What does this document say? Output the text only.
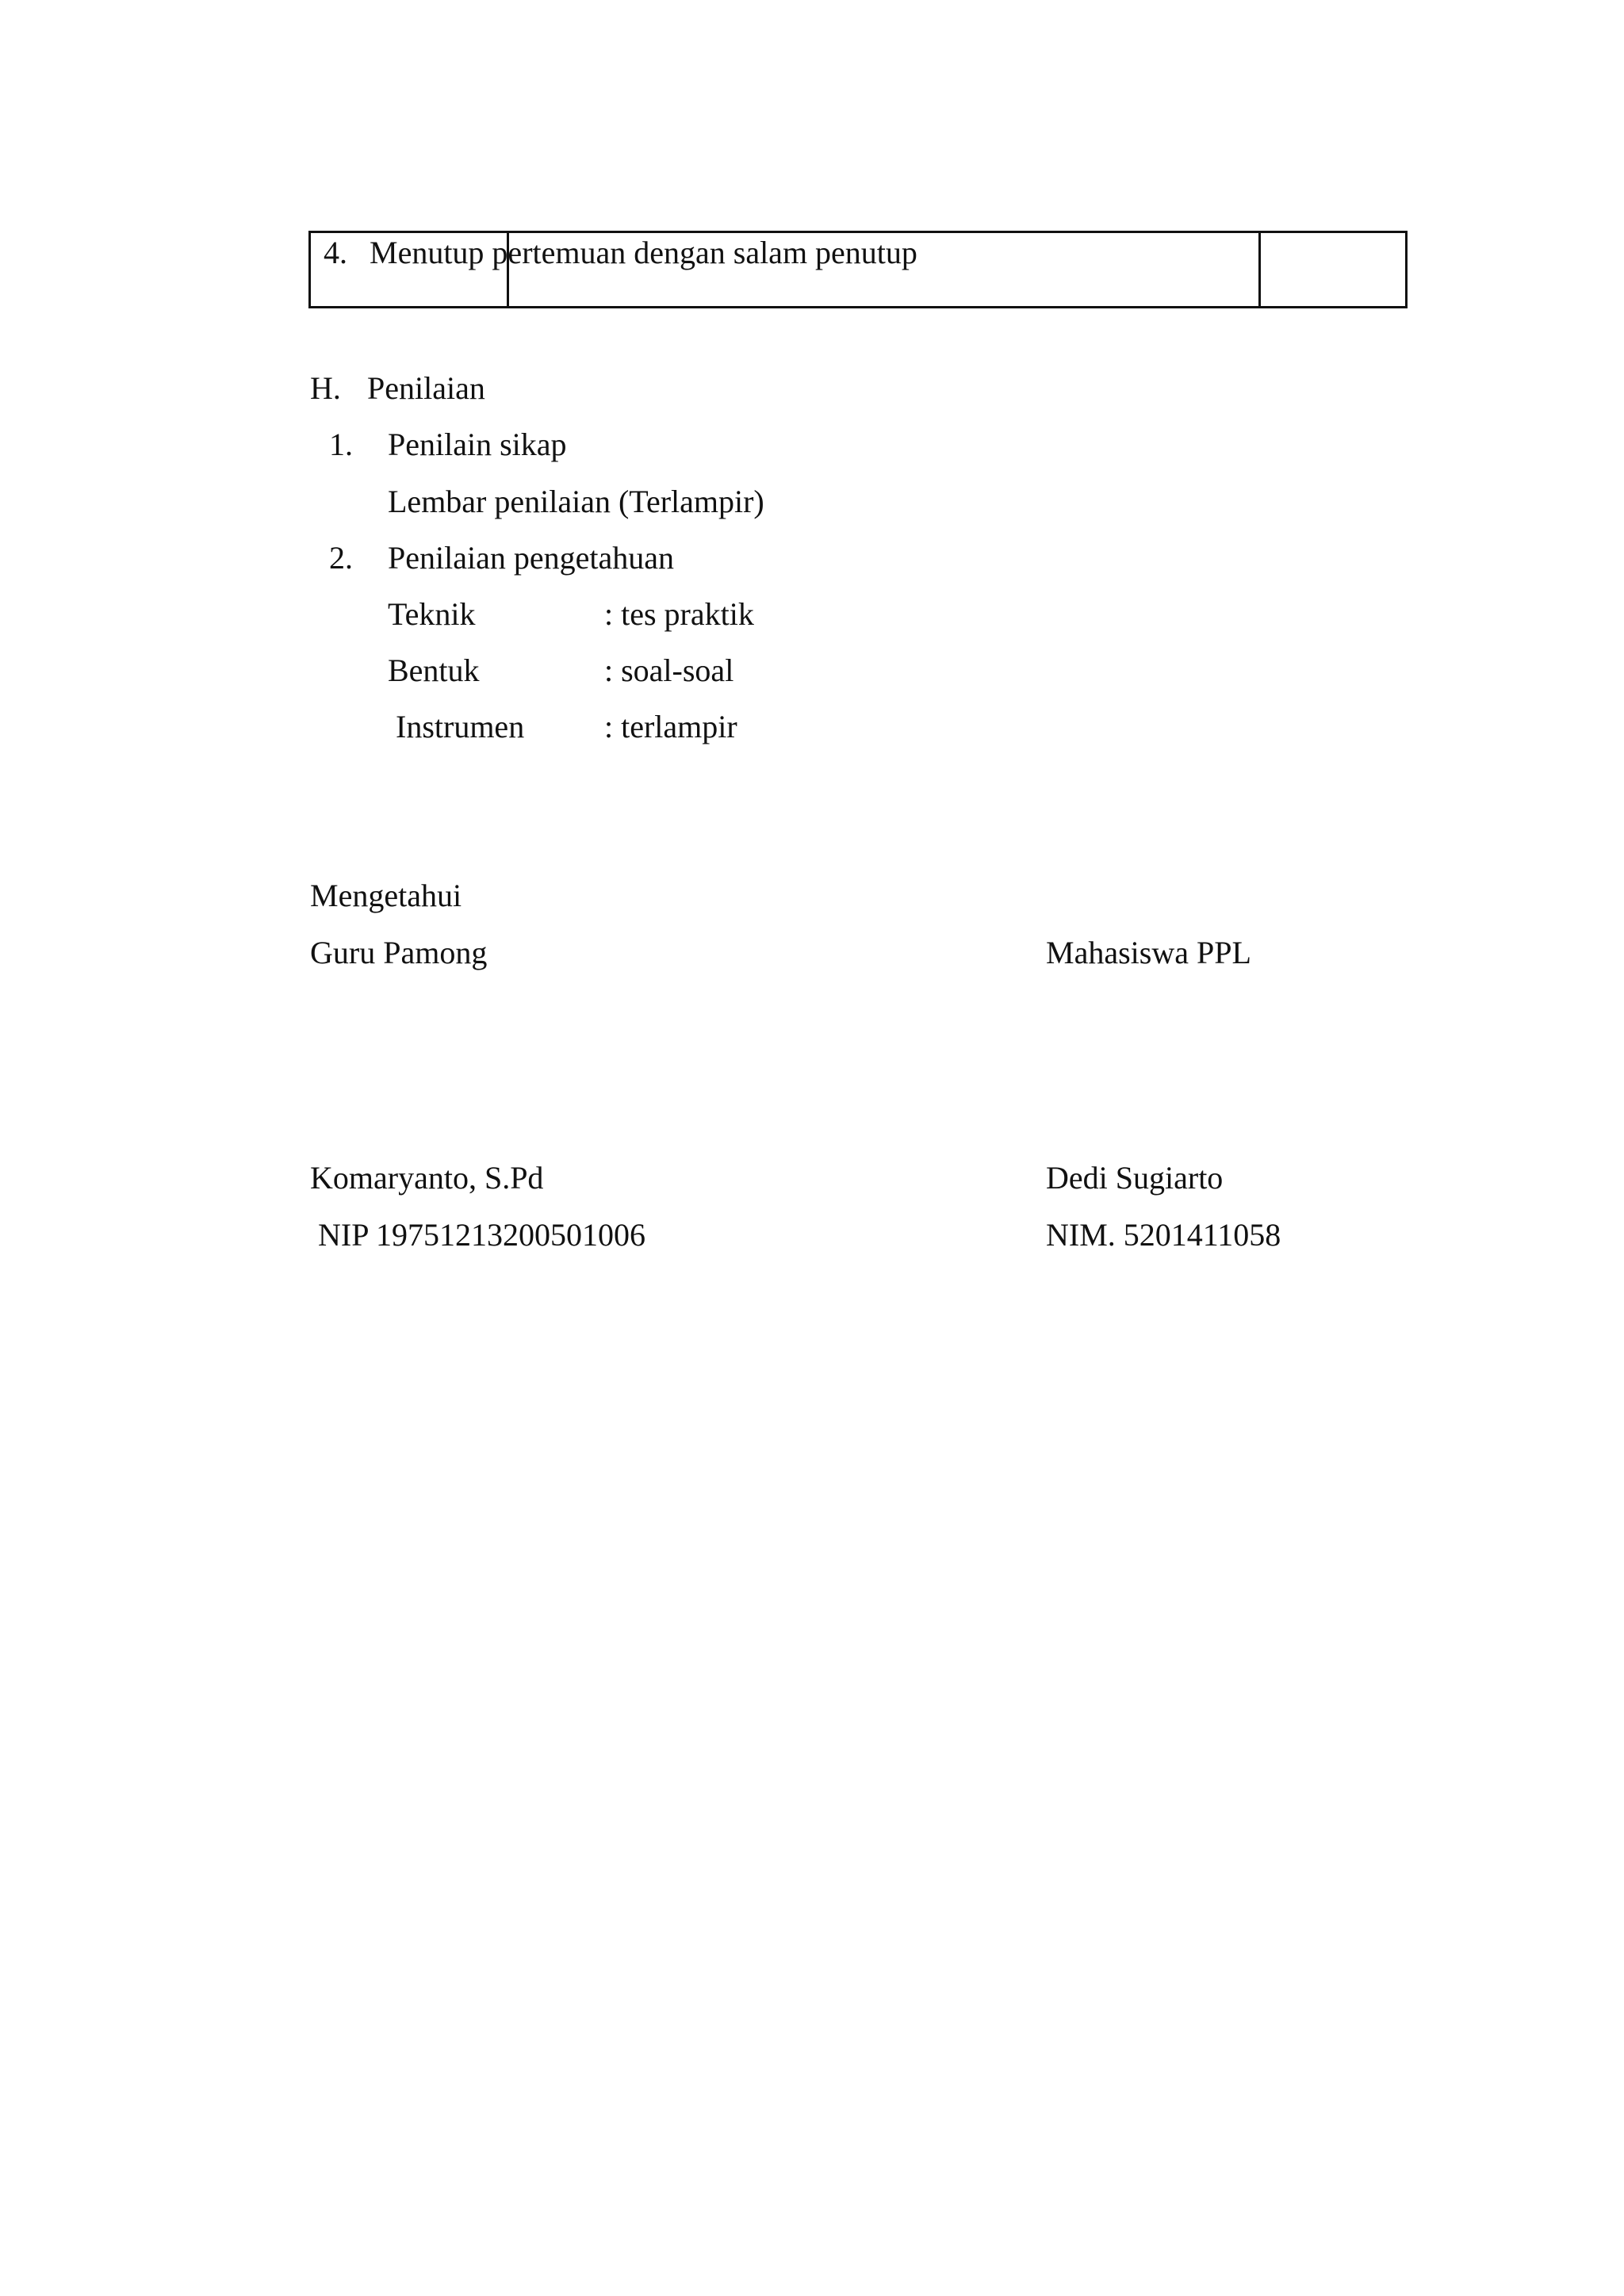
4. Menutup pertemuan dengan salam penutup
H. Penilaian
1. Penilain sikap
Lembar penilaian (Terlampir)
2. Penilaian pengetahuan
Teknik	: tes praktik
Bentuk	: soal-soal
Instrumen	: terlampir
Mengetahui
Guru Pamong	Mahasiswa PPL
Komaryanto, S.Pd	Dedi Sugiarto
NIP 19751213200501006	NIM. 5201411058
